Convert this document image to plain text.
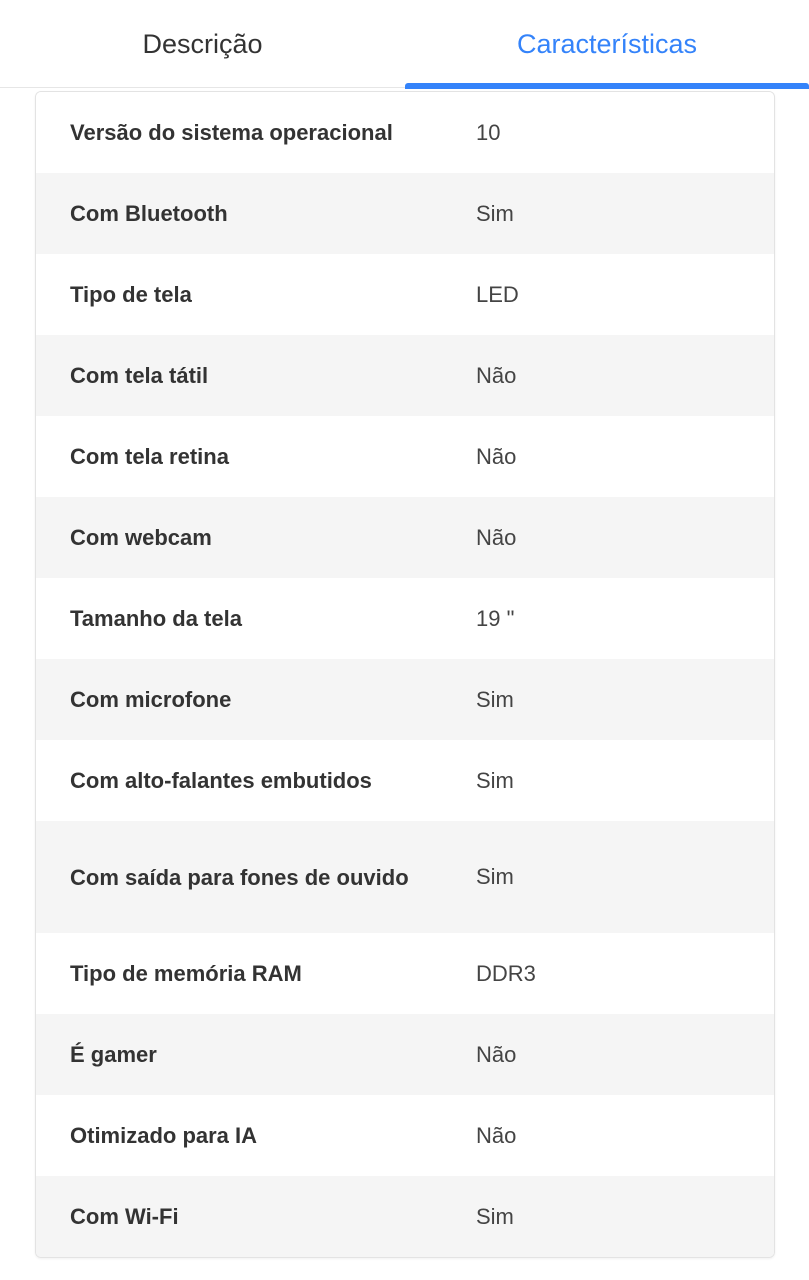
Descrição	Características
Versão do sistema operacional	10
Com Bluetooth	Sim
Tipo de tela	LED
Com tela tátil	Não
Com tela retina	Não
Com webcam	Não
Tamanho da tela	19 "
Com microfone	Sim
Com alto-falantes embutidos	Sim
Com saída para fones de ouvido	Sim
Tipo de memória RAM	DDR3
É gamer	Não
Otimizado para IA	Não
Com Wi-Fi	Sim
